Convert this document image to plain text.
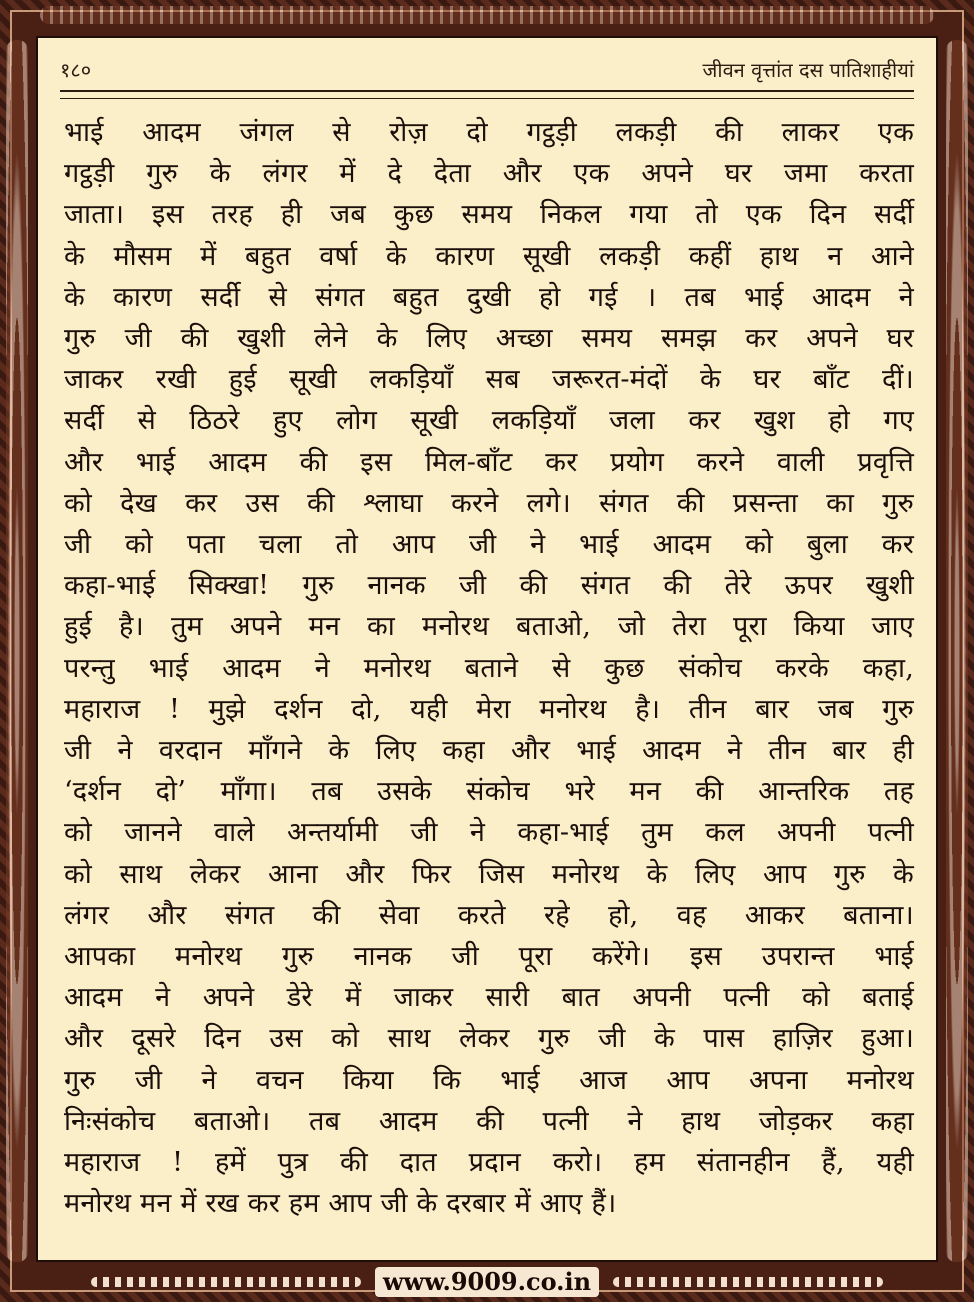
१८०	जीवन वृत्तांत दस पातिशाहीयां
भाई आदम जंगल से रोज़ दो गट्ठड़ी लकड़ी की लाकर एक
गट्ठड़ी गुरु के लंगर में दे देता और एक अपने घर जमा करता
जाता। इस तरह ही जब कुछ समय निकल गया तो एक दिन सर्दी
के मौसम में बहुत वर्षा के कारण सूखी लकड़ी कहीं हाथ न आने
के कारण सर्दी से संगत बहुत दुखी हो गई । तब भाई आदम ने
गुरु जी की खुशी लेने के लिए अच्छा समय समझ कर अपने घर
जाकर रखी हुई सूखी लकड़ियाँ सब जरूरत-मंदों के घर बाँट दीं।
सर्दी से ठिठरे हुए लोग सूखी लकड़ियाँ जला कर खुश हो गए
और भाई आदम की इस मिल-बाँट कर प्रयोग करने वाली प्रवृत्ति
को देख कर उस की श्लाघा करने लगे। संगत की प्रसन्ता का गुरु
जी को पता चला तो आप जी ने भाई आदम को बुला कर
कहा-भाई सिक्खा! गुरु नानक जी की संगत की तेरे ऊपर खुशी
हुई है। तुम अपने मन का मनोरथ बताओ, जो तेरा पूरा किया जाए
परन्तु भाई आदम ने मनोरथ बताने से कुछ संकोच करके कहा,
महाराज ! मुझे दर्शन दो, यही मेरा मनोरथ है। तीन बार जब गुरु
जी ने वरदान माँगने के लिए कहा और भाई आदम ने तीन बार ही
‘दर्शन दो’ माँगा। तब उसके संकोच भरे मन की आन्तरिक तह
को जानने वाले अन्तर्यामी जी ने कहा-भाई तुम कल अपनी पत्नी
को साथ लेकर आना और फिर जिस मनोरथ के लिए आप गुरु के
लंगर और संगत की सेवा करते रहे हो, वह आकर बताना।
आपका मनोरथ गुरु नानक जी पूरा करेंगे। इस उपरान्त भाई
आदम ने अपने डेरे में जाकर सारी बात अपनी पत्नी को बताई
और दूसरे दिन उस को साथ लेकर गुरु जी के पास हाज़िर हुआ।
गुरु जी ने वचन किया कि भाई आज आप अपना मनोरथ
निःसंकोच बताओ। तब आदम की पत्नी ने हाथ जोड़कर कहा
महाराज ! हमें पुत्र की दात प्रदान करो। हम संतानहीन हैं, यही
मनोरथ मन में रख कर हम आप जी के दरबार में आए हैं।
www.9009.co.in
